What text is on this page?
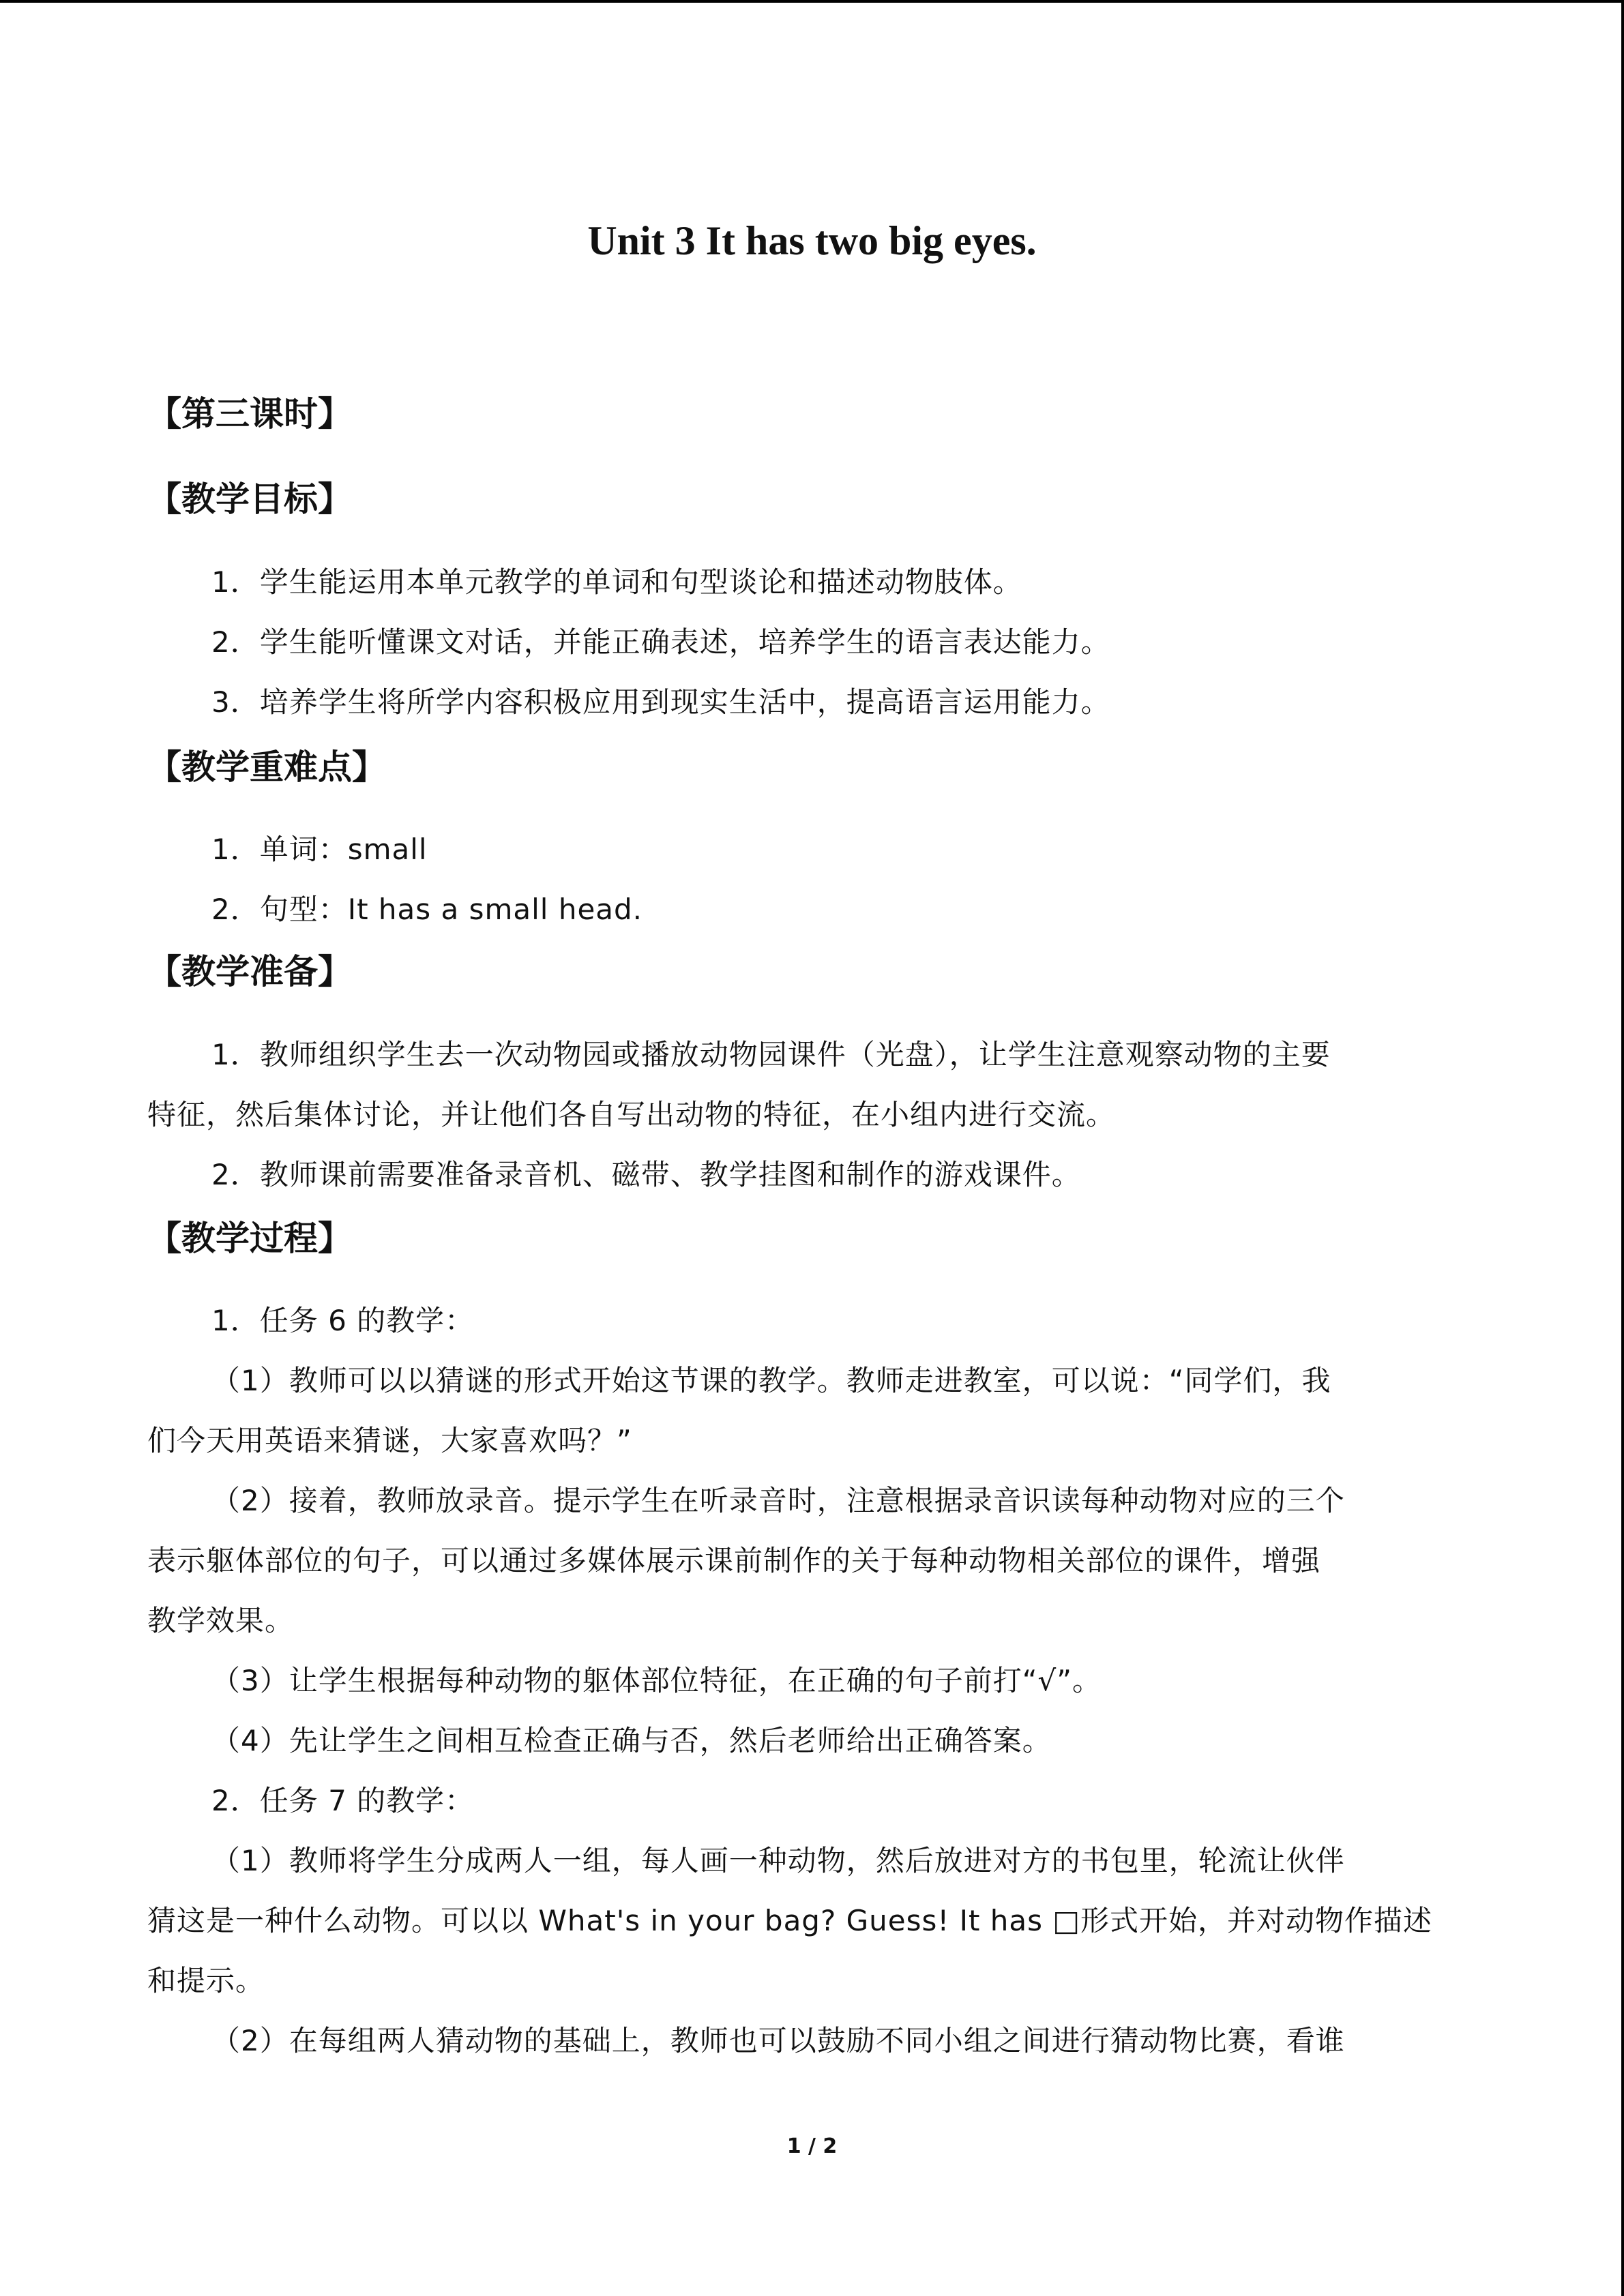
Unit 3 It has two big eyes.
【第三课时】
【教学目标】
1．学生能运用本单元教学的单词和句型谈论和描述动物肢体。
2．学生能听懂课文对话，并能正确表述，培养学生的语言表达能力。
3．培养学生将所学内容积极应用到现实生活中，提高语言运用能力。
【教学重难点】
1．单词：small
2．句型：It has a small head.
【教学准备】
1．教师组织学生去一次动物园或播放动物园课件（光盘），让学生注意观察动物的主要
特征，然后集体讨论，并让他们各自写出动物的特征，在小组内进行交流。
2．教师课前需要准备录音机、磁带、教学挂图和制作的游戏课件。
【教学过程】
1．任务 6 的教学：
（1）教师可以以猜谜的形式开始这节课的教学。教师走进教室，可以说：“同学们，我
们今天用英语来猜谜，大家喜欢吗？”
（2）接着，教师放录音。提示学生在听录音时，注意根据录音识读每种动物对应的三个
表示躯体部位的句子，可以通过多媒体展示课前制作的关于每种动物相关部位的课件，增强
教学效果。
（3）让学生根据每种动物的躯体部位特征，在正确的句子前打“√”。
（4）先让学生之间相互检查正确与否，然后老师给出正确答案。
2．任务 7 的教学：
（1）教师将学生分成两人一组，每人画一种动物，然后放进对方的书包里，轮流让伙伴
猜这是一种什么动物。可以以 What's in your bag? Guess! It has □形式开始，并对动物作描述
和提示。
（2）在每组两人猜动物的基础上，教师也可以鼓励不同小组之间进行猜动物比赛，看谁
1 / 2
